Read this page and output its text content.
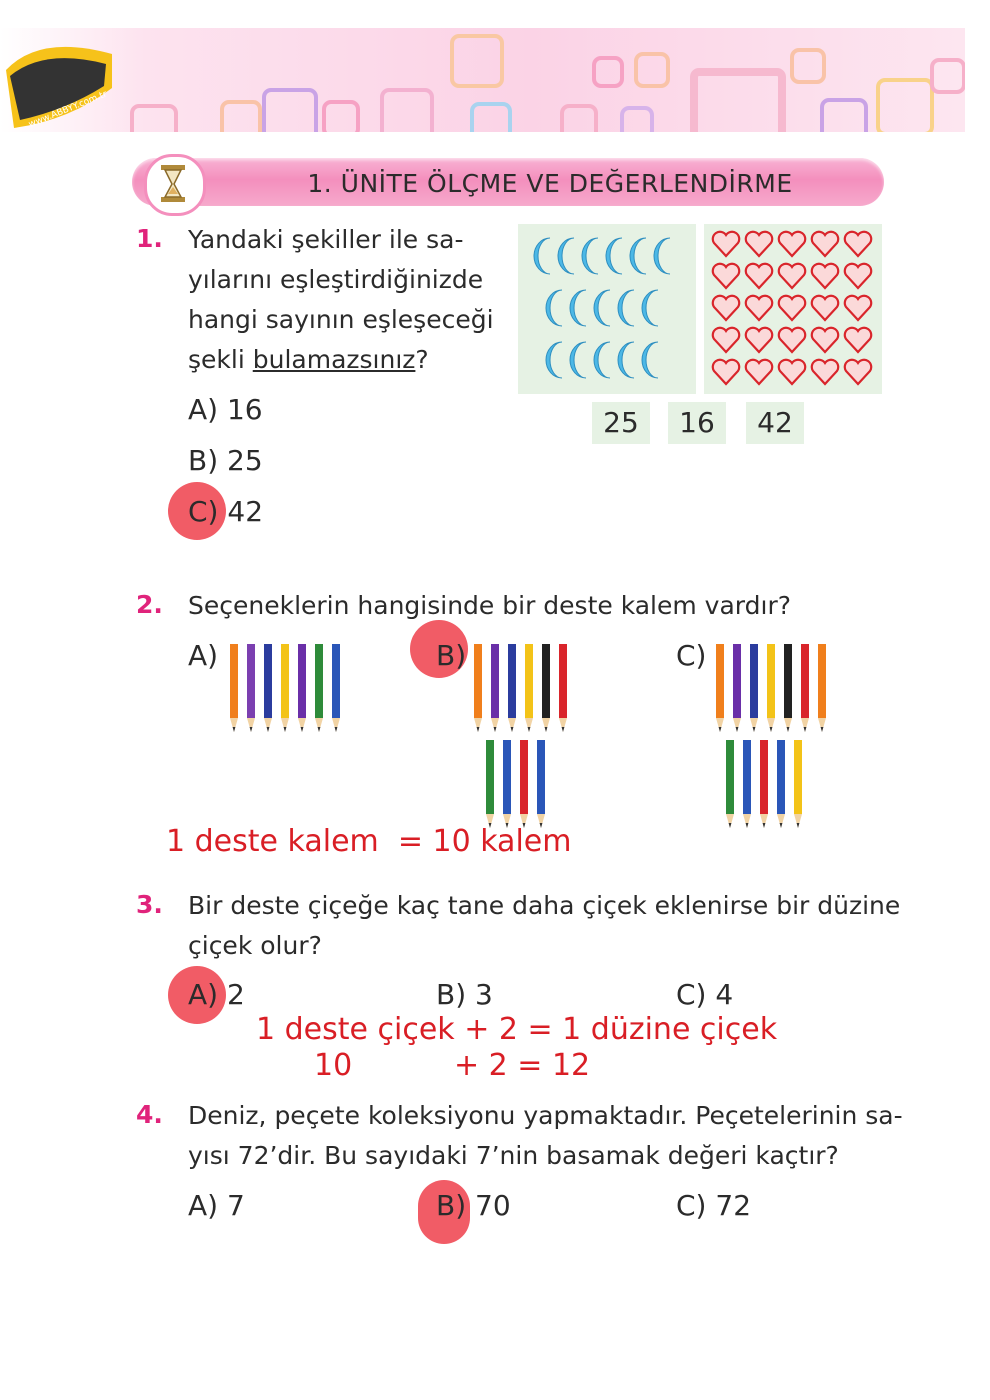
www.ABBYY.com.tr
1. ÜNİTE ÖLÇME VE DEĞERLENDİRME
1. Yandaki şekiller ile sa-
yılarını eşleştirdiğinizde
hangi sayının eşleşeceği
şekli bulamazsınız?
25	16	42
A) 16
B) 25
C) 42
2. Seçeneklerin hangisinde bir deste kalem vardır?
A)	B)	C)
1 deste kalem  = 10 kalem
3. Bir deste çiçeğe kaç tane daha çiçek eklenirse bir düzine
çiçek olur?
A) 2	B) 3	C) 4
1 deste çiçek + 2 = 1 düzine çiçek
10	+ 2 = 12
4. Deniz, peçete koleksiyonu yapmaktadır. Peçetelerinin sa-
yısı 72’dir. Bu sayıdaki 7’nin basamak değeri kaçtır?
A) 7	B) 70	C) 72
